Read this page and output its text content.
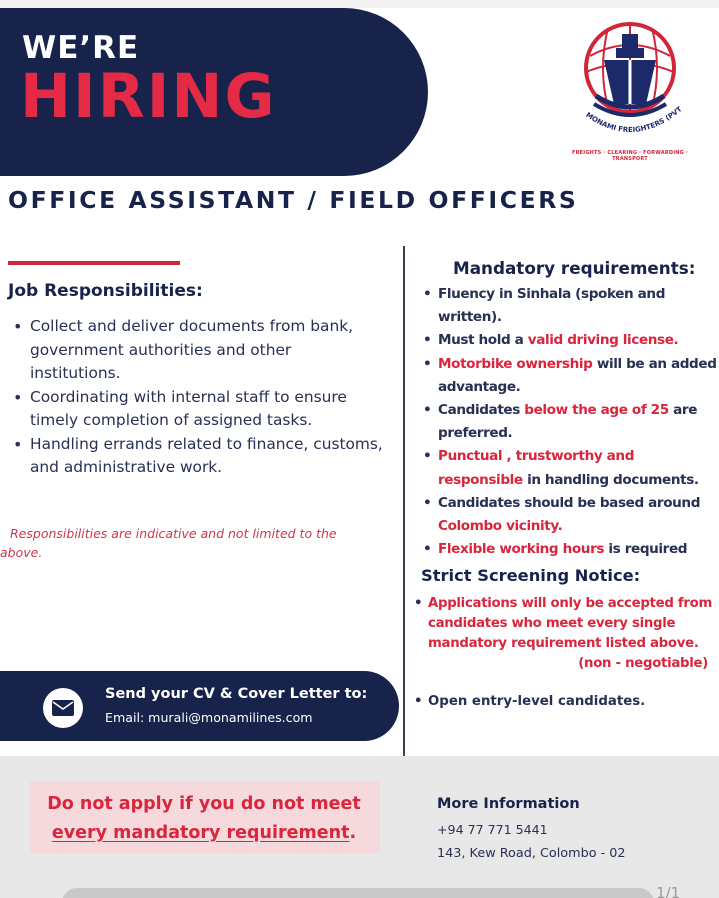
WE’RE
HIRING	MONAMI FREIGHTERS (PVT
FREIGHTS · CLEARING · FORWARDING · TRANSPORT
OFFICE ASSISTANT / FIELD OFFICERS
Job Responsibilities:
• Collect and deliver documents from bank, government authorities and other institutions.
• Coordinating with internal staff to ensure timely completion of assigned tasks.
• Handling errands related to finance, customs, and administrative work.
Responsibilities are indicative and not limited to the above.
Mandatory requirements:
• Fluency in Sinhala (spoken and written).
• Must hold a valid driving license.
• Motorbike ownership will be an added advantage.
• Candidates below the age of 25 are preferred.
• Punctual , trustworthy and responsible in handling documents.
• Candidates should be based around Colombo vicinity.
• Flexible working hours is required
Strict Screening Notice:
• Applications will only be accepted from candidates who meet every single mandatory requirement listed above.
(non - negotiable)
• Open entry-level candidates.
Send your CV & Cover Letter to:
Email: murali@monamilines.com
Do not apply if you do not meet every mandatory requirement.
More Information
+94 77 771 5441
143, Kew Road, Colombo - 02
1/1
